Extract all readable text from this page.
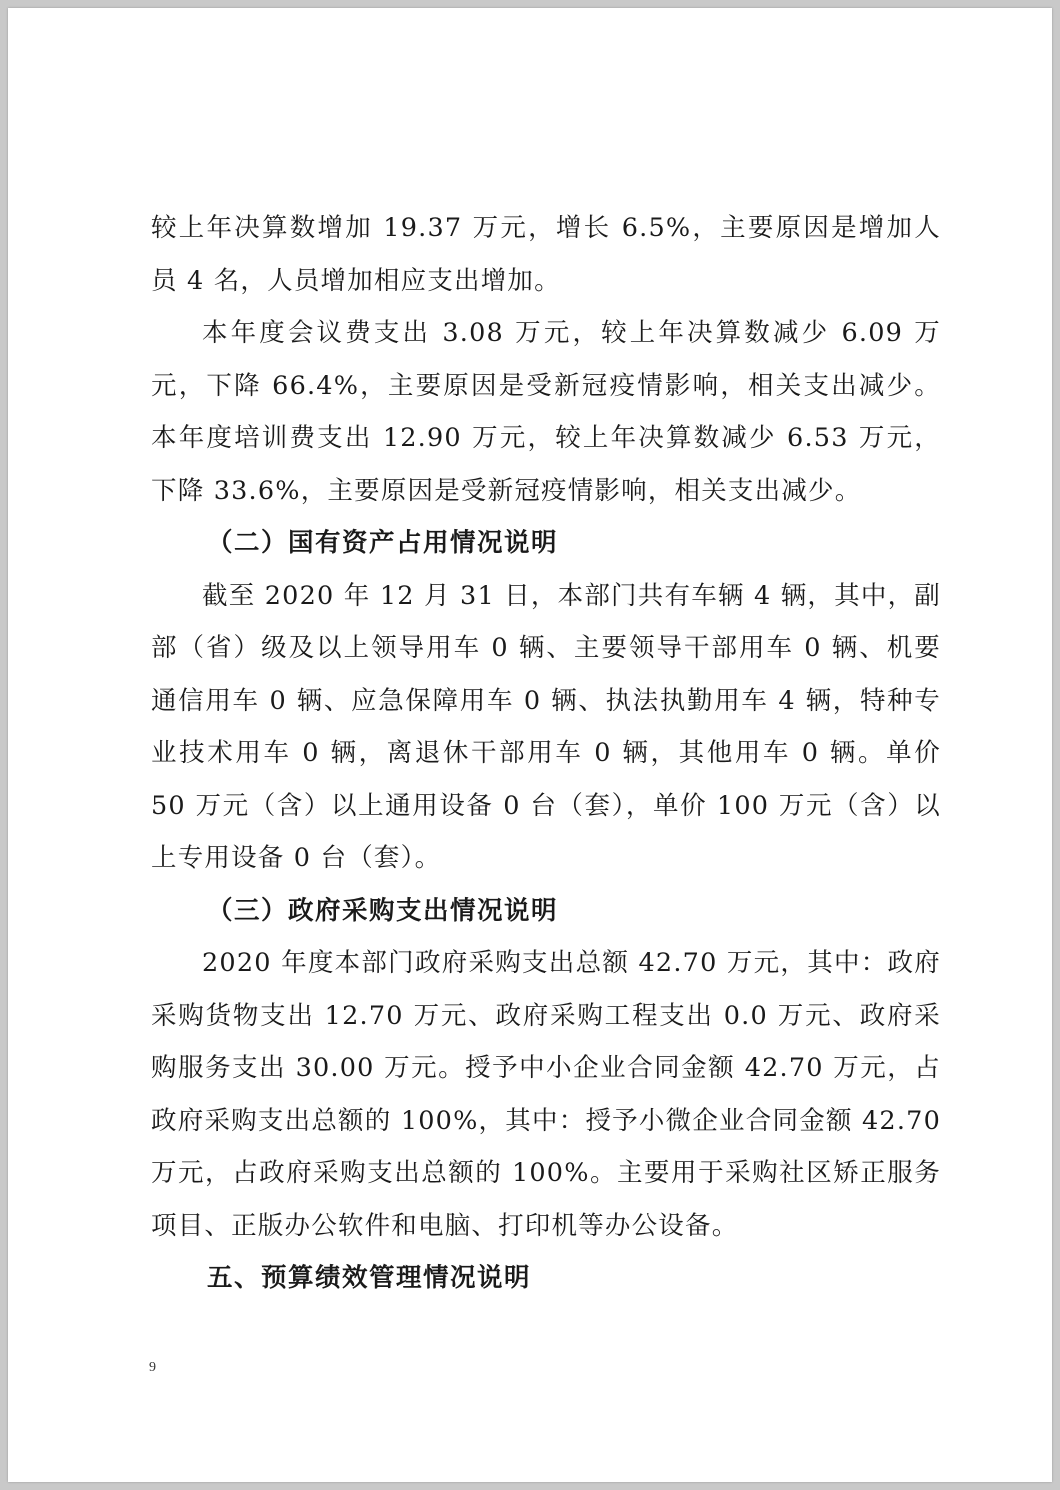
较上年决算数增加 19.37 万元，增长 6.5%，主要原因是增加人员 4 名，人员增加相应支出增加。

本年度会议费支出 3.08 万元，较上年决算数减少 6.09 万元，下降 66.4%，主要原因是受新冠疫情影响，相关支出减少。本年度培训费支出 12.90 万元，较上年决算数减少 6.53 万元，下降 33.6%，主要原因是受新冠疫情影响，相关支出减少。

（二）国有资产占用情况说明

截至 2020 年 12 月 31 日，本部门共有车辆 4 辆，其中，副部（省）级及以上领导用车 0 辆、主要领导干部用车 0 辆、机要通信用车 0 辆、应急保障用车 0 辆、执法执勤用车 4 辆，特种专业技术用车 0 辆，离退休干部用车 0 辆，其他用车 0 辆。单价 50 万元（含）以上通用设备 0 台（套），单价 100 万元（含）以上专用设备 0 台（套）。

（三）政府采购支出情况说明

2020 年度本部门政府采购支出总额 42.70 万元，其中：政府采购货物支出 12.70 万元、政府采购工程支出 0.0 万元、政府采购服务支出 30.00 万元。授予中小企业合同金额 42.70 万元，占政府采购支出总额的 100%，其中：授予小微企业合同金额 42.70 万元，占政府采购支出总额的 100%。主要用于采购社区矫正服务项目、正版办公软件和电脑、打印机等办公设备。

五、预算绩效管理情况说明

9
